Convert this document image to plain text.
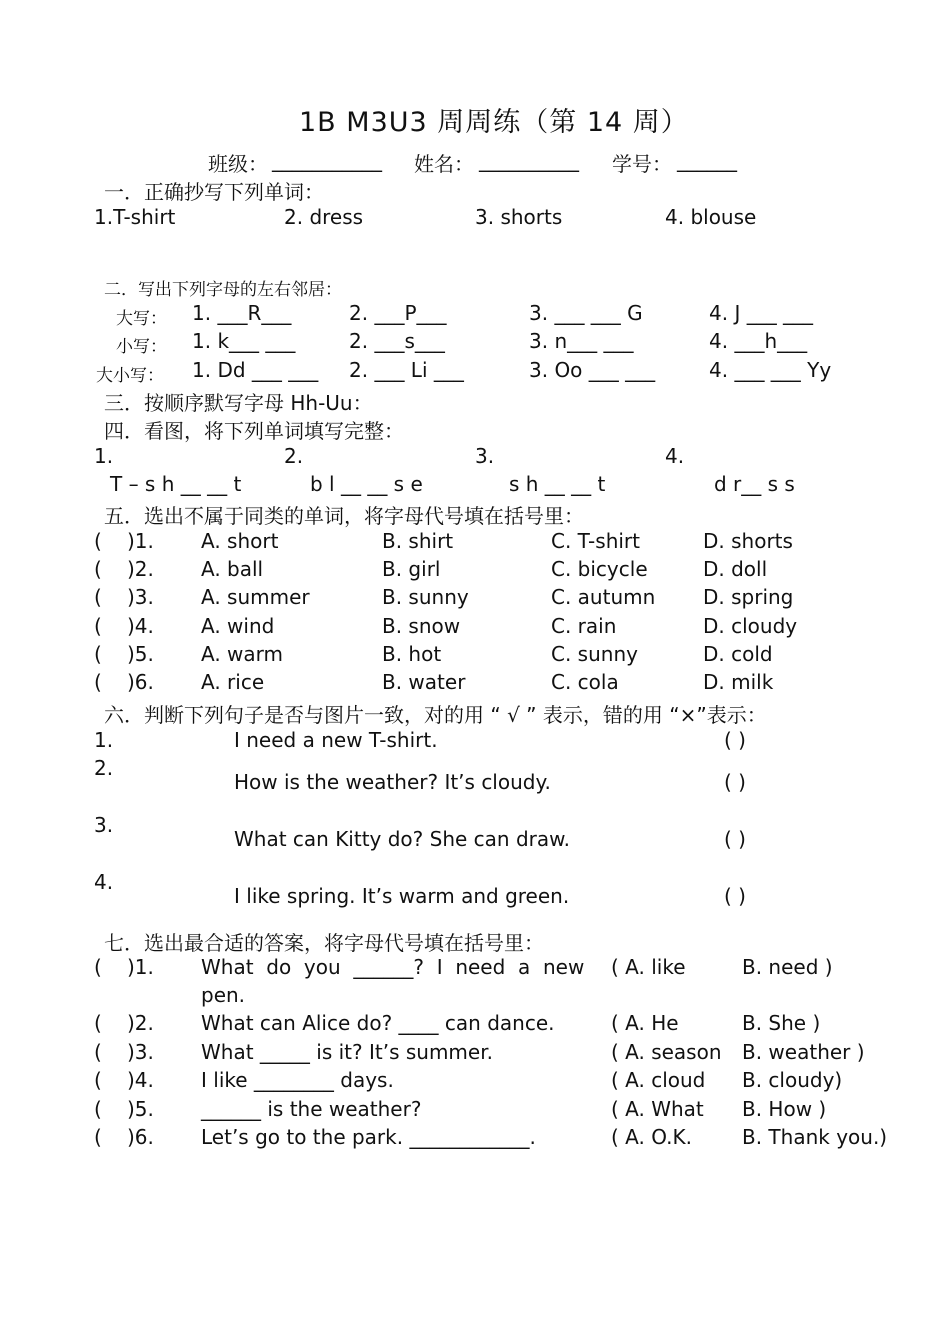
1B M3U3 周周练（第 14 周）
班级： ___________ 姓名： __________ 学号： ______
一．正确抄写下列单词：
1.T-shirt	2. dress	3. shorts	4. blouse
二．写出下列字母的左右邻居：
大写： 1. ___R___	2. ___P___	3. ___ ___ G	4. J ___ ___
小写： 1. k___ ___	2. ___s___	3. n___ ___	4. ___h___
大小写： 1. Dd ___ ___ 2. ___ Li ___	3. Oo ___ ___	4. ___ ___ Yy
三．按顺序默写字母 Hh-Uu：
四．看图，将下列单词填写完整：
1.	2.	3.	4.
T – s h __ __ t	b l __ __ s e	s h __ __ t	d r__ s s
五．选出不属于同类的单词，将字母代号填在括号里：
( )1. A. short	B. shirt	C. T-shirt	D. shorts
( )2. A. ball	B. girl	C. bicycle	D. doll
( )3. A. summer	B. sunny	C. autumn D. spring
( )4. A. wind	B. snow	C. rain	D. cloudy
( )5. A. warm	B. hot	C. sunny	D. cold
( )6. A. rice	B. water	C. cola	D. milk
六．判断下列句子是否与图片一致，对的用 “ √ ” 表示，错的用 “×”表示：
1.	I need a new T-shirt.	( )
2.
How is the weather? It’s cloudy.	( )
3.
What can Kitty do? She can draw.	( )
4.
I like spring. It’s warm and green.	( )
七．选出最合适的答案，将字母代号填在括号里：
( )1. What  do  you  ______?  I  need  a  new
pen.
( A. like	B. need )
( )2. What can Alice do? ____ can dance.	( A. He	B. She )
( )3. What _____ is it? It’s summer.	( A. season B. weather )
( )4. I like ________ days.	( A. cloud B. cloudy)
( )5. ______ is the weather?	( A. What B. How )
( )6. Let’s go to the park. ____________.	( A. O.K.	B. Thank you.)
